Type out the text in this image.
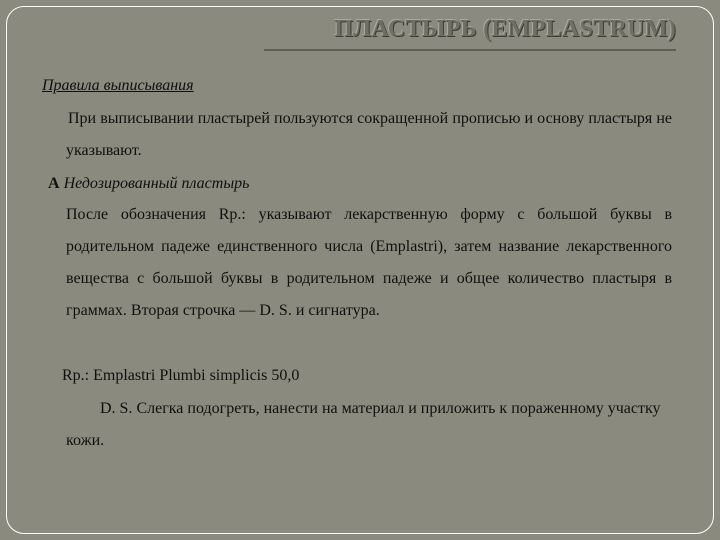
ПЛАСТЫРЬ (EMPLASTRUM)
Правила выписывания
При выписывании пластырей пользуются сокращенной прописью и основу пластыря не указывают.
А Недозированный пластырь
После обозначения Rp.: указывают лекарственную форму с большой буквы в родительном падеже единственного числа (Emplastri), затем название лекарственного вещества с большой буквы в родительном падеже и общее количество пластыря в граммах. Вторая строчка — D. S. и сигнатура.
Rp.: Emplastri Plumbi simplicis 50,0
D. S. Слегка подогреть, нанести на материал и приложить к пораженному участку кожи.
